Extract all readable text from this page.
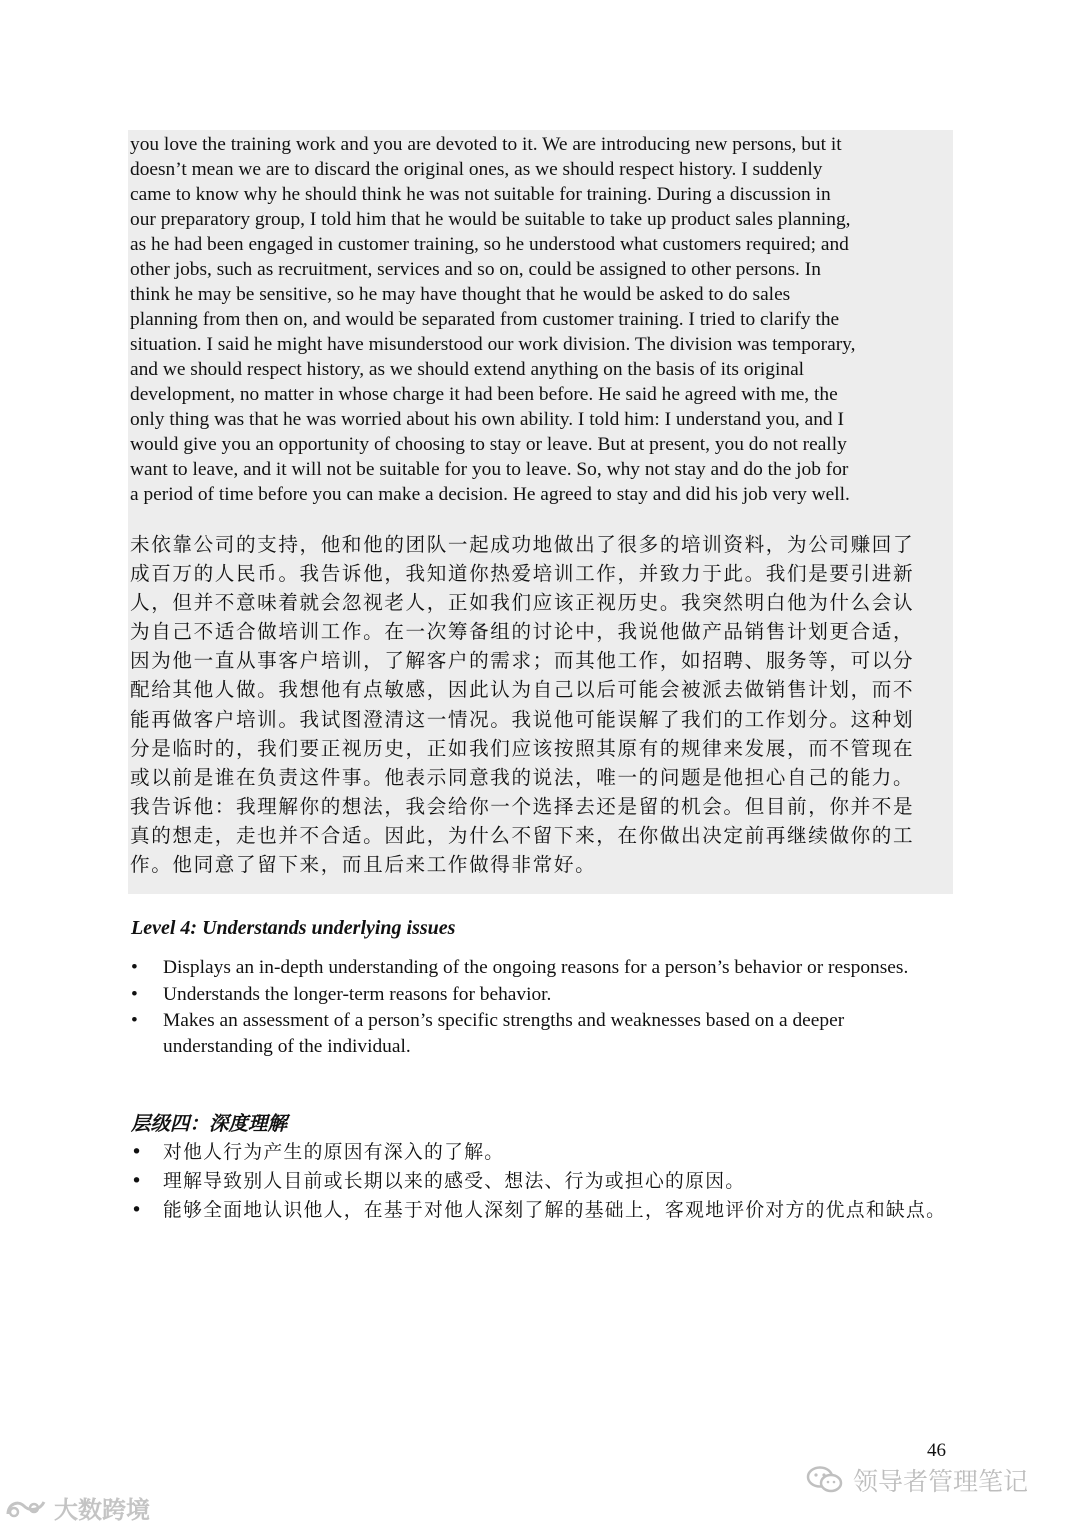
you love the training work and you are devoted to it. We are introducing new persons, but it
doesn’t mean we are to discard the original ones, as we should respect history. I suddenly
came to know why he should think he was not suitable for training. During a discussion in
our preparatory group, I told him that he would be suitable to take up product sales planning,
as he had been engaged in customer training, so he understood what customers required; and
other jobs, such as recruitment, services and so on, could be assigned to other persons. In
think he may be sensitive, so he may have thought that he would be asked to do sales
planning from then on, and would be separated from customer training. I tried to clarify the
situation. I said he might have misunderstood our work division. The division was temporary,
and we should respect history, as we should extend anything on the basis of its original
development, no matter in whose charge it had been before. He said he agreed with me, the
only thing was that he was worried about his own ability. I told him: I understand you, and I
would give you an opportunity of choosing to stay or leave. But at present, you do not really
want to leave, and it will not be suitable for you to leave. So, why not stay and do the job for
a period of time before you can make a decision. He agreed to stay and did his job very well.

未依靠公司的支持，他和他的团队一起成功地做出了很多的培训资料，为公司赚回了
成百万的人民币。我告诉他，我知道你热爱培训工作，并致力于此。我们是要引进新
人，但并不意味着就会忽视老人，正如我们应该正视历史。我突然明白他为什么会认
为自己不适合做培训工作。在一次筹备组的讨论中，我说他做产品销售计划更合适，
因为他一直从事客户培训，了解客户的需求；而其他工作，如招聘、服务等，可以分
配给其他人做。我想他有点敏感，因此认为自己以后可能会被派去做销售计划，而不
能再做客户培训。我试图澄清这一情况。我说他可能误解了我们的工作划分。这种划
分是临时的，我们要正视历史，正如我们应该按照其原有的规律来发展，而不管现在
或以前是谁在负责这件事。他表示同意我的说法，唯一的问题是他担心自己的能力。
我告诉他：我理解你的想法，我会给你一个选择去还是留的机会。但目前，你并不是
真的想走，走也并不合适。因此，为什么不留下来，在你做出决定前再继续做你的工
作。他同意了留下来，而且后来工作做得非常好。

Level 4: Understands underlying issues
• Displays an in-depth understanding of the ongoing reasons for a person’s behavior or responses.
• Understands the longer-term reasons for behavior.
• Makes an assessment of a person’s specific strengths and weaknesses based on a deeper understanding of the individual.
层级四：深度理解
• 对他人行为产生的原因有深入的了解。
• 理解导致别人目前或长期以来的感受、想法、行为或担心的原因。
• 能够全面地认识他人，在基于对他人深刻了解的基础上，客观地评价对方的优点和缺点。
46
领导者管理笔记
大数跨境
